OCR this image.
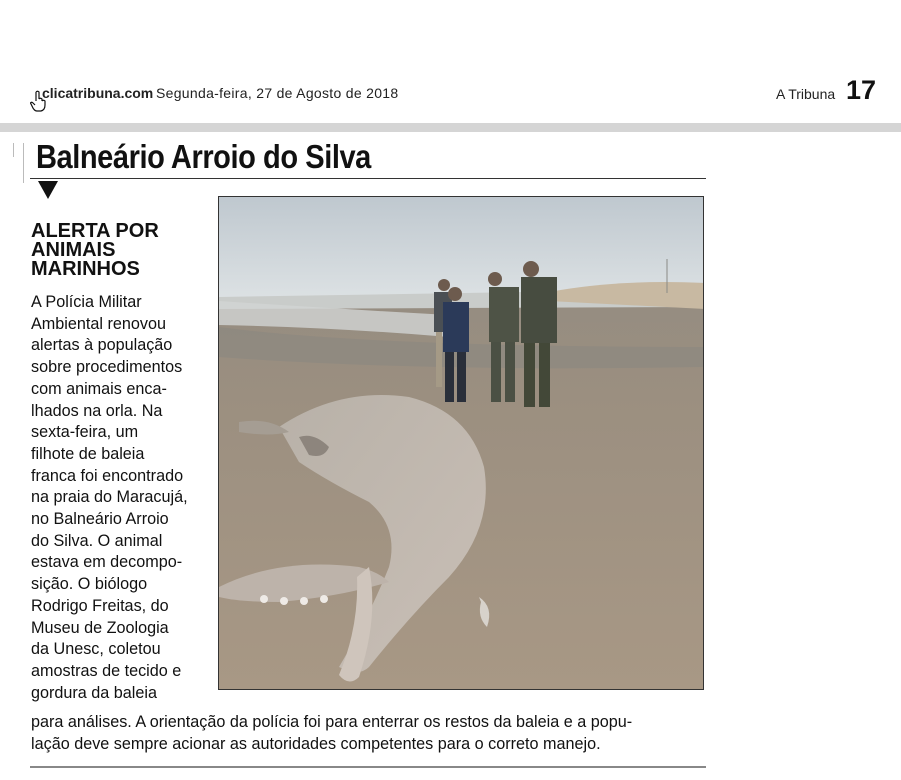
clicatribuna.com Segunda-feira, 27 de Agosto de 2018	A Tribuna 17
Balneário Arroio do Silva
ALERTA POR
ANIMAIS
MARINHOS
A Polícia Militar
Ambiental renovou
alertas à população
sobre procedimentos
com animais enca-
lhados na orla. Na
sexta-feira, um
filhote de baleia
franca foi encontrado
na praia do Maracujá,
no Balneário Arroio
do Silva. O animal
estava em decompo-
sição. O biólogo
Rodrigo Freitas, do
Museu de Zoologia
da Unesc, coletou
amostras de tecido e
gordura da baleia
para análises. A orientação da polícia foi para enterrar os restos da baleia e a popu-
lação deve sempre acionar as autoridades competentes para o correto manejo.
